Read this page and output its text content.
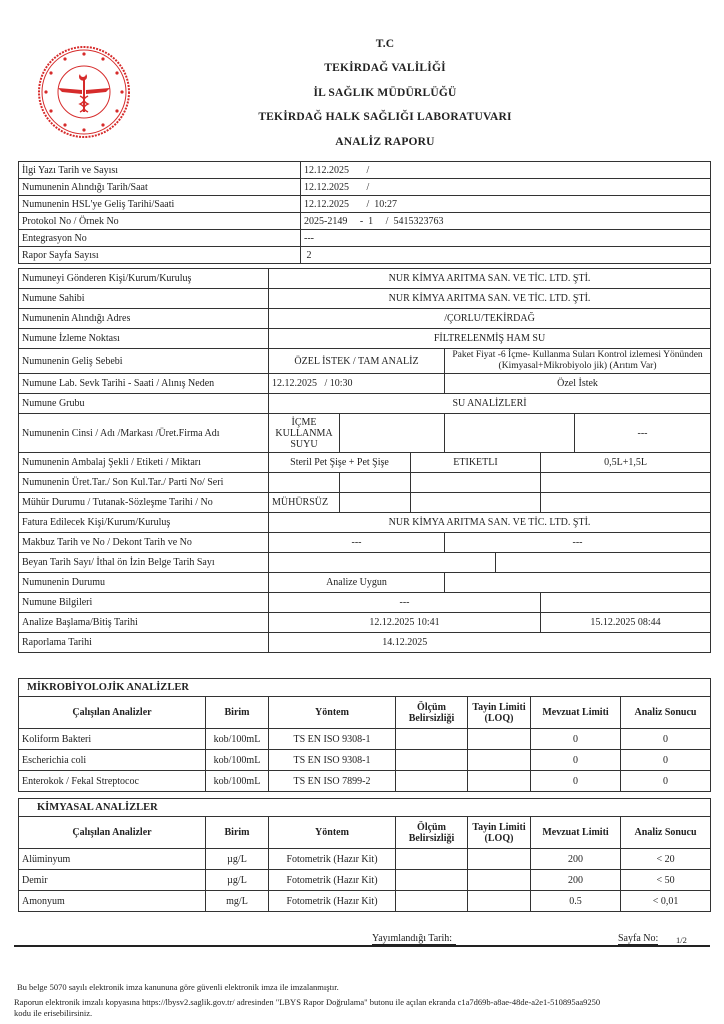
T.C
TEKİRDAĞ VALİLİĞİ
İL SAĞLIK MÜDÜRLÜĞÜ
TEKİRDAĞ HALK SAĞLIĞI LABORATUVARI
ANALİZ RAPORU
İlgi Yazı Tarih ve Sayısı	12.12.2025       /
Numunenin Alındığı Tarih/Saat	12.12.2025       /
Numunenin HSL'ye Geliş Tarihi/Saati	12.12.2025       /  10:27
Protokol No / Örnek No	2025-2149     -  1     /  5415323763
Entegrasyon No	---
Rapor Sayfa Sayısı	2
Numuneyi Gönderen Kişi/Kurum/Kuruluş	NUR KİMYA ARITMA SAN. VE TİC. LTD. ŞTİ.						
Numune Sahibi	NUR KİMYA ARITMA SAN. VE TİC. LTD. ŞTİ.						
Numunenin Alındığı Adres	/ÇORLU/TEKİRDAĞ						
Numune İzleme Noktası	FİLTRELENMİŞ HAM SU						
Numunenin Geliş Sebebi	ÖZEL İSTEK / TAM ANALİZ			Paket Fiyat -6 İçme- Kullanma Suları Kontrol izlemesi Yönünden
(Kimyasal+Mikrobiyolo jik) (Arıtım Var)			
Numune Lab. Sevk Tarihi - Saati / Alınış Neden	12.12.2025   / 10:30			Özel İstek			
Numune Grubu	SU ANALİZLERİ						
Numunenin Cinsi / Adı /Markası /Üret.Firma Adı	İÇME
KULLANMA
SUYU						---
Numunenin Ambalaj Şekli / Etiketi / Miktarı	Steril Pet Şişe + Pet Şişe		ETIKETLI			0,5L+1,5L	
Numunenin Üret.Tar./ Son Kul.Tar./ Parti No/ Seri							
Mühür Durumu / Tutanak-Sözleşme Tarihi / No	MÜHÜRSÜZ						
Fatura Edilecek Kişi/Kurum/Kuruluş	NUR KİMYA ARITMA SAN. VE TİC. LTD. ŞTİ.						
Makbuz Tarih ve No / Dekont Tarih ve No	---			---			
Beyan Tarih Sayı/ İthal ön İzin Belge Tarih Sayı							
Numunenin Durumu	Analize Uygun						
Numune Bilgileri	---						
Analize Başlama/Bitiş Tarihi	12.12.2025 10:41					15.12.2025 08:44	
Raporlama Tarihi	14.12.2025						
MİKROBİYOLOJİK ANALİZLER						
Çalışılan Analizler	Birim	Yöntem	Ölçüm
Belirsizliği	Tayin Limiti
(LOQ)	Mevzuat Limiti	Analiz Sonucu
Koliform Bakteri	kob/100mL	TS EN ISO 9308-1			0	0
Escherichia coli	kob/100mL	TS EN ISO 9308-1			0	0
Enterokok / Fekal Streptococ	kob/100mL	TS EN ISO 7899-2			0	0
KİMYASAL ANALİZLER						
Çalışılan Analizler	Birim	Yöntem	Ölçüm
Belirsizliği	Tayin Limiti
(LOQ)	Mevzuat Limiti	Analiz Sonucu
Alüminyum	µg/L	Fotometrik (Hazır Kit)			200	< 20
Demir	µg/L	Fotometrik (Hazır Kit)			200	< 50
Amonyum	mg/L	Fotometrik (Hazır Kit)			0.5	< 0,01
Yayımlandığı Tarih:	Sayfa No: 1/2
Bu belge 5070 sayılı elektronik imza kanununa göre güvenli elektronik imza ile imzalanmıştır.
Raporun elektronik imzalı kopyasına https://lbysv2.saglik.gov.tr/ adresinden "LBYS Rapor Doğrulama" butonu ile açılan ekranda c1a7d69b-a8ae-48de-a2e1-510895aa9250
kodu ile erisebilirsiniz.
